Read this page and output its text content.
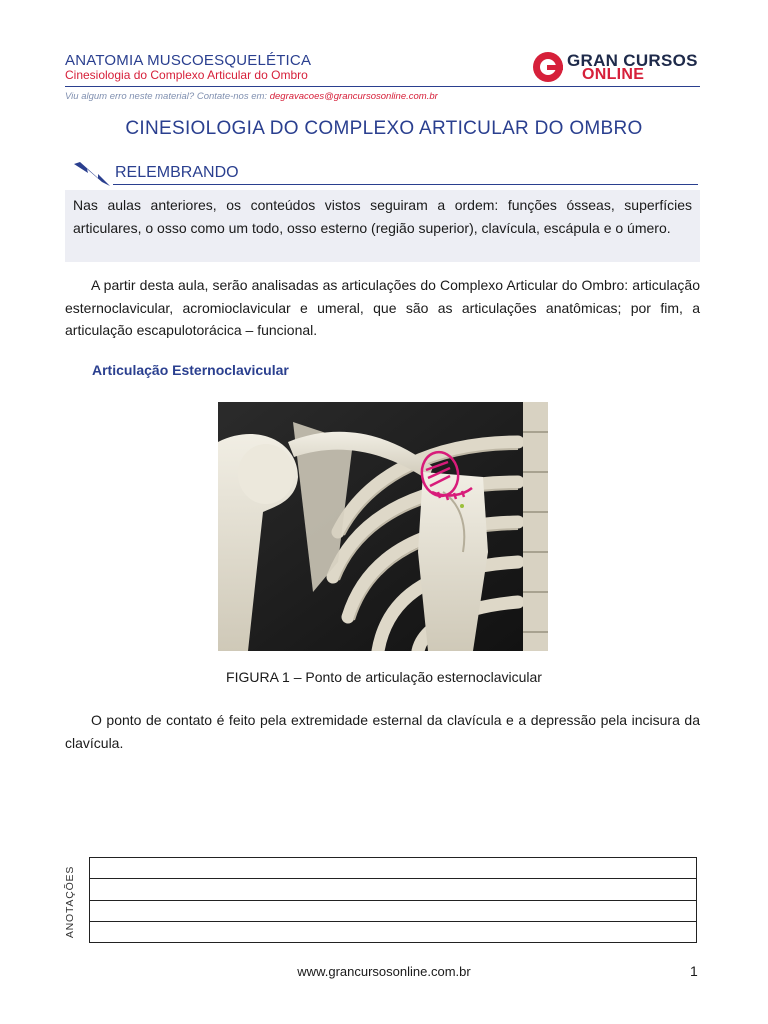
ANATOMIA MUSCOESQUELÉTICA
Cinesiologia do Complexo Articular do Ombro
GRAN CURSOS
ONLINE
Viu algum erro neste material? Contate-nos em: degravacoes@grancursosonline.com.br
CINESIOLOGIA DO COMPLEXO ARTICULAR DO OMBRO
RELEMBRANDO
Nas aulas anteriores, os conteúdos vistos seguiram a ordem: funções ósseas, superfícies articulares, o osso como um todo, osso esterno (região superior), clavícula, escápula e o úmero.
A partir desta aula, serão analisadas as articulações do Complexo Articular do Ombro: articulação esternoclavicular, acromioclavicular e umeral, que são as articulações anatômicas; por fim, a articulação escapulotorácica – funcional.
Articulação Esternoclavicular
FIGURA 1 – Ponto de articulação esternoclavicular
O ponto de contato é feito pela extremidade esternal da clavícula e a depressão pela incisura da clavícula.
ANOTAÇÕES
www.grancursosonline.com.br	1
